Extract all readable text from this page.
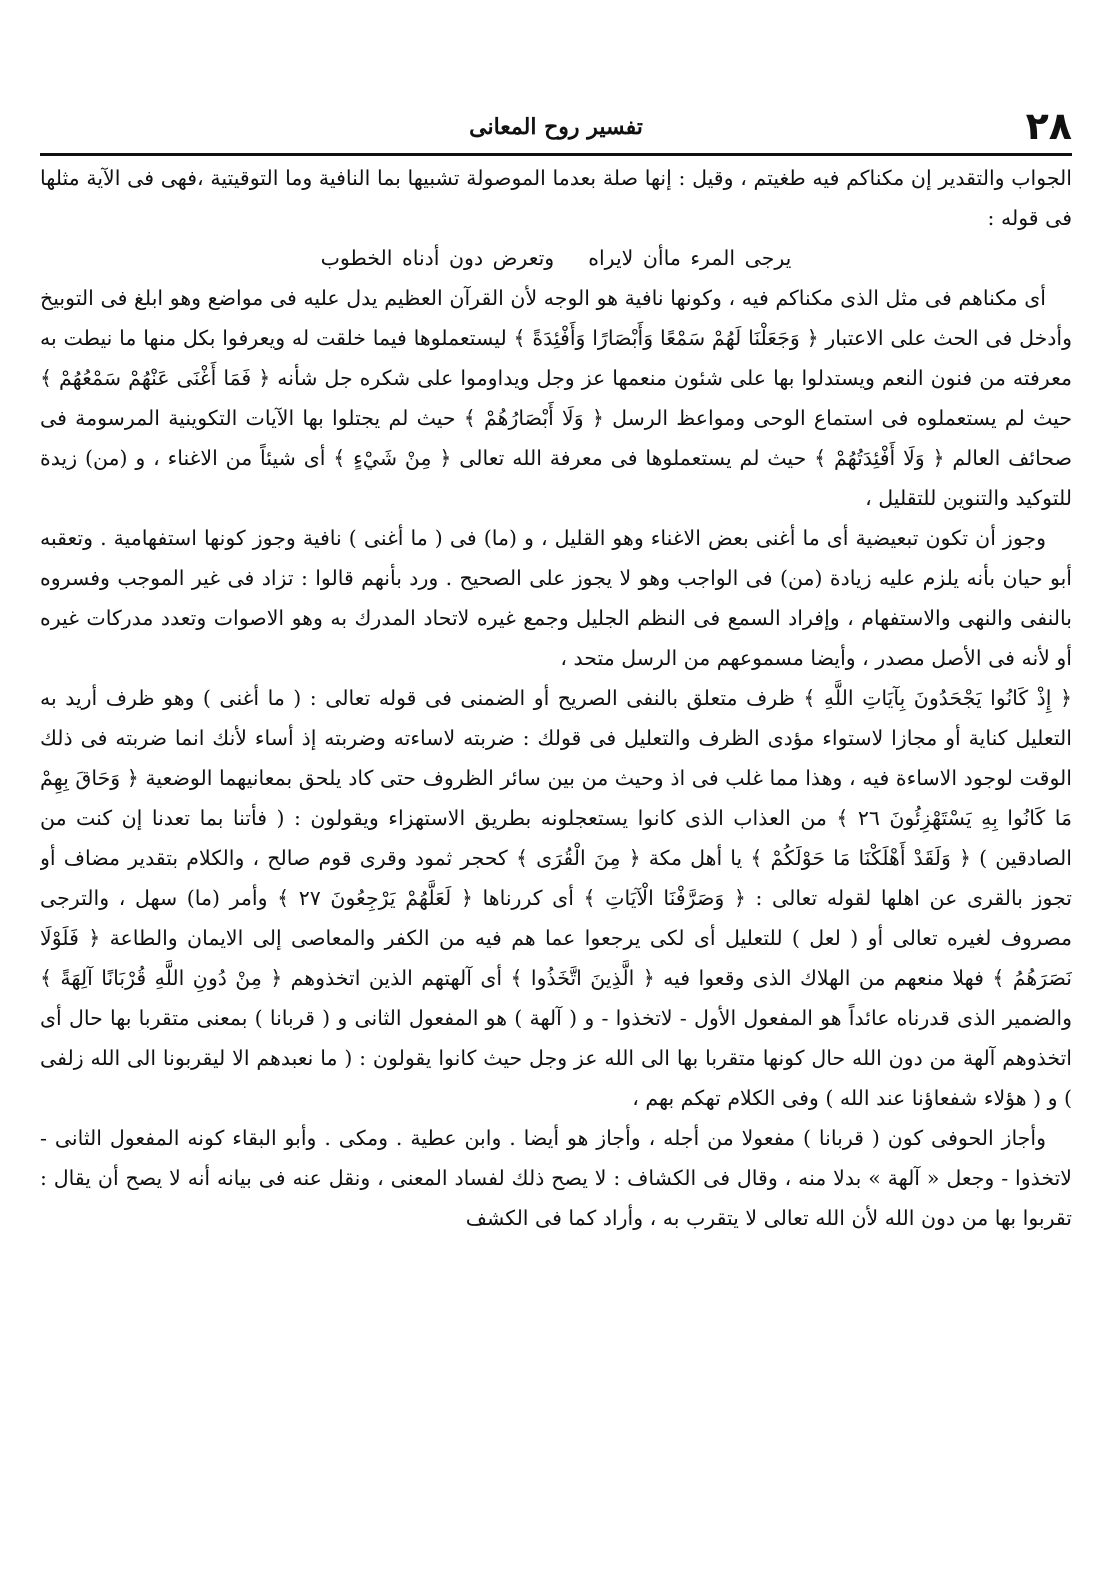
٢٨
تفسير روح المعانى

الجواب والتقدير إن مكناكم فيه طغيتم ، وقيل : إنها صلة بعدما الموصولة تشبيها بما النافية وما التوقيتية ،فهى فى الآية مثلها فى قوله :

يرجى المرء ماأن لايراهوتعرض دون أدناه الخطوب

أى مكناهم فى مثل الذى مكناكم فيه ، وكونها نافية هو الوجه لأن القرآن العظيم يدل عليه فى مواضع وهو ابلغ فى التوبيخ وأدخل فى الحث على الاعتبار ﴿ وَجَعَلْنَا لَهُمْ سَمْعًا وَأَبْصَارًا وَأَفْئِدَةً ﴾ ليستعملوها فيما خلقت له ويعرفوا بكل منها ما نيطت به معرفته من فنون النعم ويستدلوا بها على شئون منعمها عز وجل ويداوموا على شكره جل شأنه ﴿ فَمَا أَغْنَى عَنْهُمْ سَمْعُهُمْ ﴾ حيث لم يستعملوه فى استماع الوحى ومواعظ الرسل ﴿ وَلَا أَبْصَارُهُمْ ﴾ حيث لم يجتلوا بها الآيات التكوينية المرسومة فى صحائف العالم ﴿ وَلَا أَفْئِدَتُهُمْ ﴾ حيث لم يستعملوها فى معرفة الله تعالى ﴿ مِنْ شَيْءٍ ﴾ أى شيئاً من الاغناء ، و (من) زيدة للتوكيد والتنوين للتقليل ،

وجوز أن تكون تبعيضية أى ما أغنى بعض الاغناء وهو القليل ، و (ما) فى ( ما أغنى ) نافية وجوز كونها استفهامية . وتعقبه أبو حيان بأنه يلزم عليه زيادة (من) فى الواجب وهو لا يجوز على الصحيح . ورد بأنهم قالوا : تزاد فى غير الموجب وفسروه بالنفى والنهى والاستفهام ، وإفراد السمع فى النظم الجليل وجمع غيره لاتحاد المدرك به وهو الاصوات وتعدد مدركات غيره أو لأنه فى الأصل مصدر ، وأيضا مسموعهم من الرسل متحد ،

﴿ إِذْ كَانُوا يَجْحَدُونَ بِآيَاتِ اللَّهِ ﴾ ظرف متعلق بالنفى الصريح أو الضمنى فى قوله تعالى : ( ما أغنى ) وهو ظرف أريد به التعليل كناية أو مجازا لاستواء مؤدى الظرف والتعليل فى قولك : ضربته لاساءته وضربته إذ أساء لأنك انما ضربته فى ذلك الوقت لوجود الاساءة فيه ، وهذا مما غلب فى اذ وحيث من بين سائر الظروف حتى كاد يلحق بمعانيهما الوضعية ﴿ وَحَاقَ بِهِمْ مَا كَانُوا بِهِ يَسْتَهْزِئُونَ ٢٦ ﴾ من العذاب الذى كانوا يستعجلونه بطريق الاستهزاء ويقولون : ( فأتنا بما تعدنا إن كنت من الصادقين ) ﴿ وَلَقَدْ أَهْلَكْنَا مَا حَوْلَكُمْ ﴾ يا أهل مكة ﴿ مِنَ الْقُرَى ﴾ كحجر ثمود وقرى قوم صالح ، والكلام بتقدير مضاف أو تجوز بالقرى عن اهلها لقوله تعالى : ﴿ وَصَرَّفْنَا الْآيَاتِ ﴾ أى كررناها ﴿ لَعَلَّهُمْ يَرْجِعُونَ ٢٧ ﴾ وأمر (ما) سهل ، والترجى مصروف لغيره تعالى أو ( لعل ) للتعليل أى لكى يرجعوا عما هم فيه من الكفر والمعاصى إلى الايمان والطاعة ﴿ فَلَوْلَا نَصَرَهُمُ ﴾ فهلا منعهم من الهلاك الذى وقعوا فيه ﴿ الَّذِينَ اتَّخَذُوا ﴾ أى آلهتهم الذين اتخذوهم ﴿ مِنْ دُونِ اللَّهِ قُرْبَانًا آلِهَةً ﴾ والضمير الذى قدرناه عائداً هو المفعول الأول - لاتخذوا - و ( آلهة ) هو المفعول الثانى و ( قربانا ) بمعنى متقربا بها حال أى اتخذوهم آلهة من دون الله حال كونها متقربا بها الى الله عز وجل حيث كانوا يقولون : ( ما نعبدهم الا ليقربونا الى الله زلفى ) و ( هؤلاء شفعاؤنا عند الله ) وفى الكلام تهكم بهم ،

وأجاز الحوفى كون ( قربانا ) مفعولا من أجله ، وأجاز هو أيضا . وابن عطية . ومكى . وأبو البقاء كونه المفعول الثانى - لاتخذوا - وجعل « آلهة » بدلا منه ، وقال فى الكشاف : لا يصح ذلك لفساد المعنى ، ونقل عنه فى بيانه أنه لا يصح أن يقال : تقربوا بها من دون الله لأن الله تعالى لا يتقرب به ، وأراد كما فى الكشف
